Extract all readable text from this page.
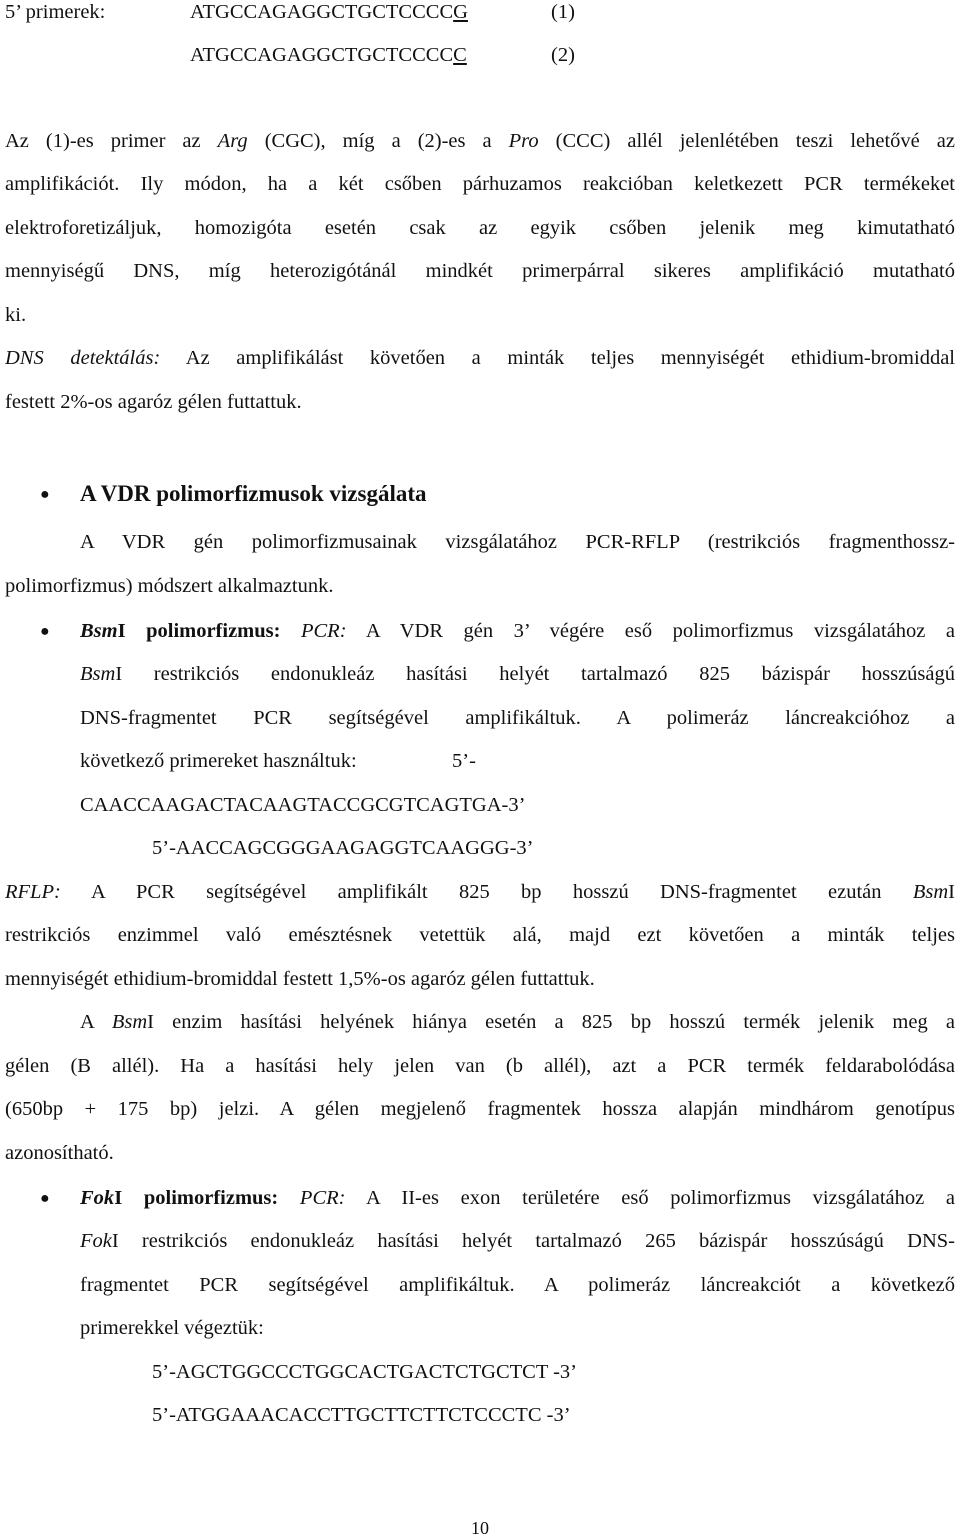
5’ primerek:	ATGCCAGAGGCTGCTCCCCG	(1)
ATGCCAGAGGCTGCTCCCCC	(2)
Az (1)-es primer az Arg (CGC), míg a (2)-es a Pro (CCC) allél jelenlétében teszi lehetővé az
amplifikációt. Ily módon, ha a két csőben párhuzamos reakcióban keletkezett PCR termékeket
elektroforetizáljuk, homozigóta esetén csak az egyik csőben jelenik meg kimutatható
mennyiségű DNS, míg heterozigótánál mindkét primerpárral sikeres amplifikáció mutatható
ki.
DNS detektálás: Az amplifikálást követően a minták teljes mennyiségét ethidium-bromiddal
festett 2%-os agaróz gélen futtattuk.
● A VDR polimorfizmusok vizsgálata
A VDR gén polimorfizmusainak vizsgálatához PCR-RFLP (restrikciós fragmenthossz-
polimorfizmus) módszert alkalmaztunk.
● BsmI polimorfizmus: PCR: A VDR gén 3’ végére eső polimorfizmus vizsgálatához a
BsmI restrikciós endonukleáz hasítási helyét tartalmazó 825 bázispár hosszúságú
DNS-fragmentet PCR segítségével amplifikáltuk. A polimeráz láncreakcióhoz a
következő primereket használtuk:	5’-
CAACCAAGACTACAAGTACCGCGTCAGTGA-3’
5’-AACCAGCGGGAAGAGGTCAAGGG-3’
RFLP: A PCR segítségével amplifikált 825 bp hosszú DNS-fragmentet ezután BsmI
restrikciós enzimmel való emésztésnek vetettük alá, majd ezt követően a minták teljes
mennyiségét ethidium-bromiddal festett 1,5%-os agaróz gélen futtattuk.
A BsmI enzim hasítási helyének hiánya esetén a 825 bp hosszú termék jelenik meg a
gélen (B allél). Ha a hasítási hely jelen van (b allél), azt a PCR termék feldarabolódása
(650bp + 175 bp) jelzi. A gélen megjelenő fragmentek hossza alapján mindhárom genotípus
azonosítható.
● FokI polimorfizmus: PCR: A II-es exon területére eső polimorfizmus vizsgálatához a
FokI restrikciós endonukleáz hasítási helyét tartalmazó 265 bázispár hosszúságú DNS-
fragmentet PCR segítségével amplifikáltuk. A polimeráz láncreakciót a következő
primerekkel végeztük:
5’-AGCTGGCCCTGGCACTGACTCTGCTCT -3’
5’-ATGGAAACACCTTGCTTCTTCTCCCTC -3’
10
